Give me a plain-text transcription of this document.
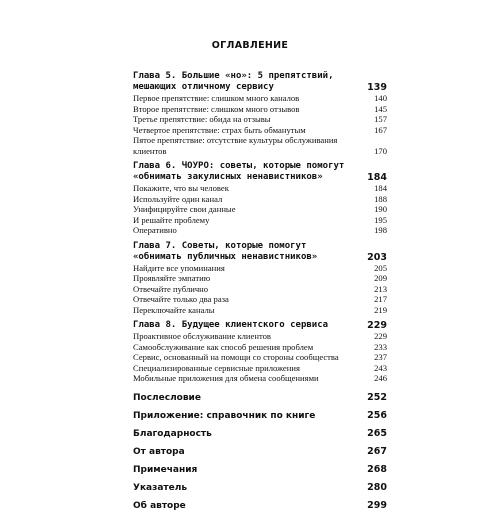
ОГЛАВЛЕНИЕ
Глава 5. Большие «но»: 5 препятствий, мешающих отличному сервису	139
Первое препятствие: слишком много каналов	140
Второе препятствие: слишком много отзывов	145
Третье препятствие: обида на отзывы	157
Четвертое препятствие: страх быть обманутым	167
Пятое препятствие: отсутствие культуры обслуживания клиентов	170
Глава 6. ЧОУРО: советы, которые помогут «обнимать закулисных ненавистников»	184
Покажите, что вы человек	184
Используйте один канал	188
Унифицируйте свои данные	190
И решайте проблему	195
Оперативно	198
Глава 7. Советы, которые помогут «обнимать публичных ненавистников»	203
Найдите все упоминания	205
Проявляйте эмпатию	209
Отвечайте публично	213
Отвечайте только два раза	217
Переключайте каналы	219
Глава 8. Будущее клиентского сервиса	229
Проактивное обслуживание клиентов	229
Самообслуживание как способ решения проблем	233
Сервис, основанный на помощи со стороны сообщества	237
Специализированные сервисные приложения	243
Мобильные приложения для обмена сообщениями	246
Послесловие	252
Приложение: справочник по книге	256
Благодарность	265
От автора	267
Примечания	268
Указатель	280
Об авторе	299
